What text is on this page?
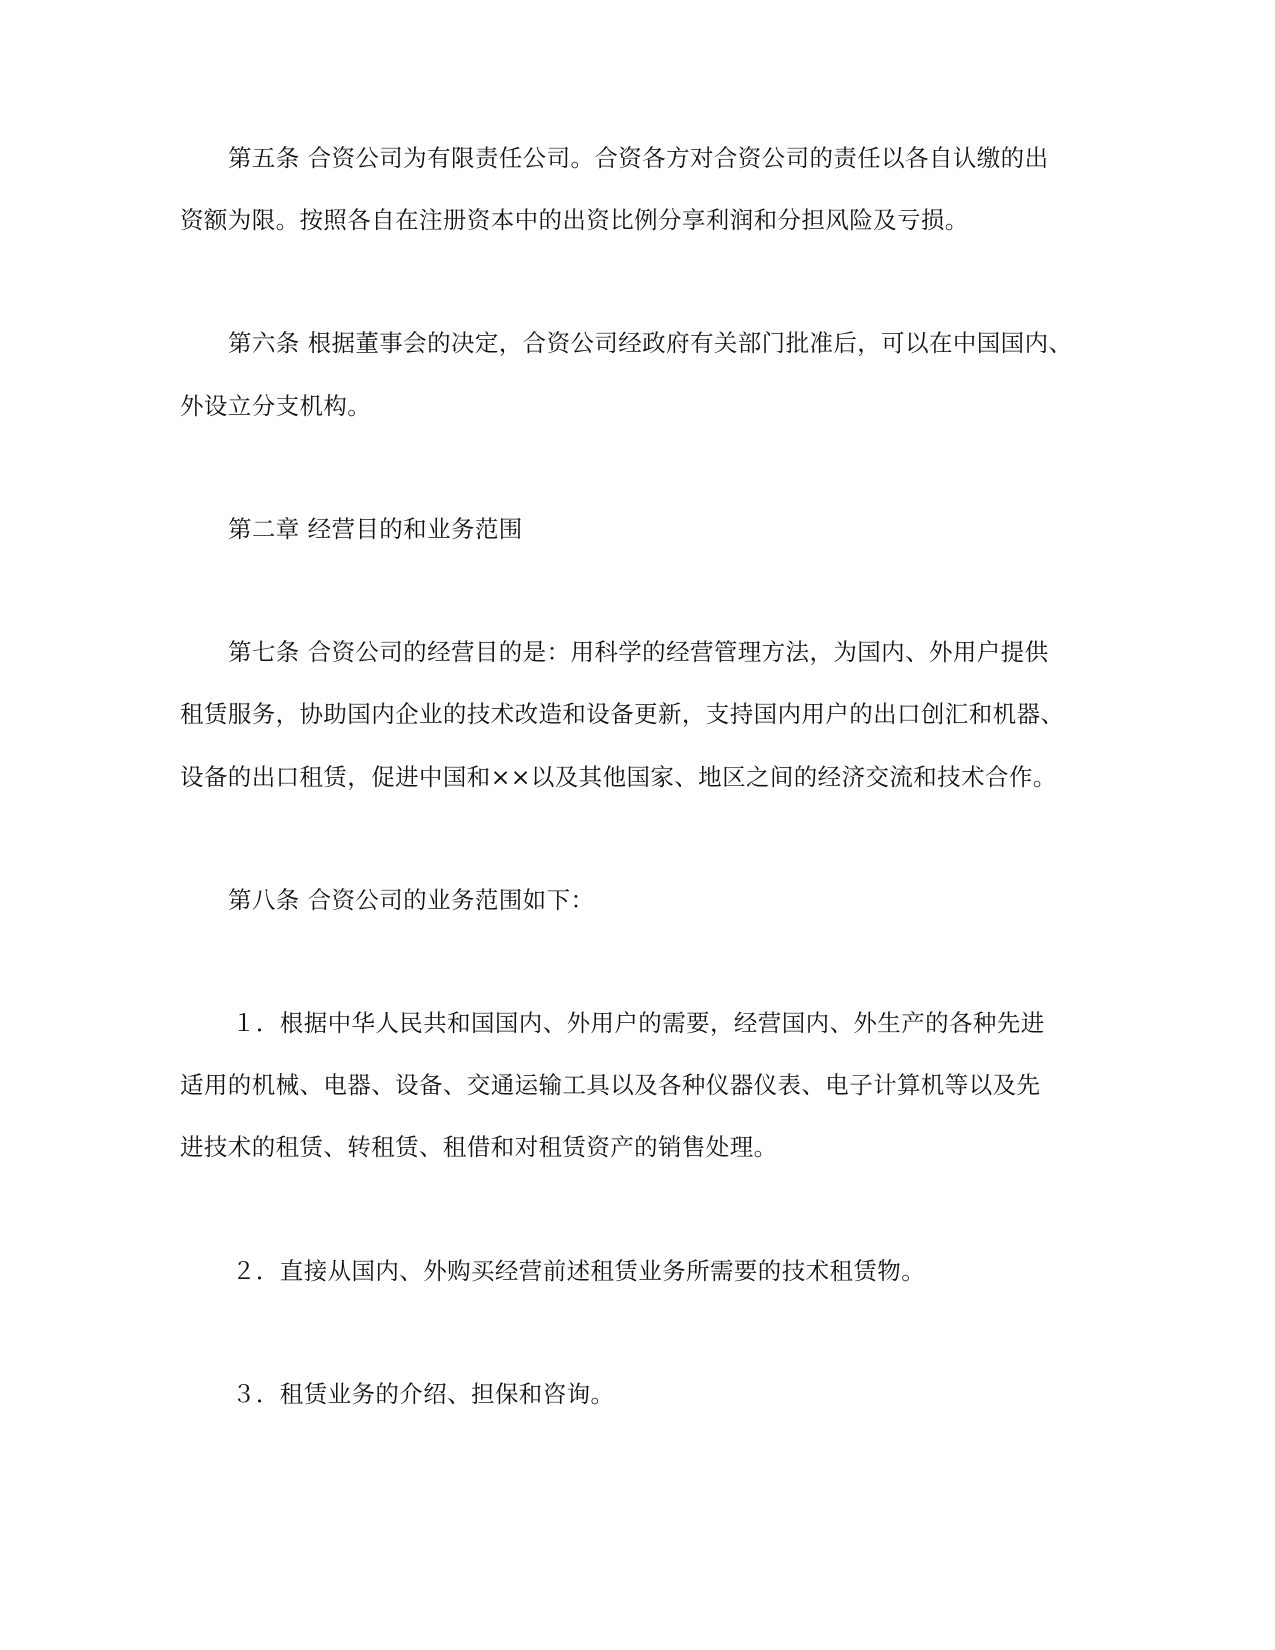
第五条 合资公司为有限责任公司。合资各方对合资公司的责任以各自认缴的出
资额为限。按照各自在注册资本中的出资比例分享利润和分担风险及亏损。
第六条 根据董事会的决定，合资公司经政府有关部门批准后，可以在中国国内、
外设立分支机构。
第二章 经营目的和业务范围
第七条 合资公司的经营目的是：用科学的经营管理方法，为国内、外用户提供
租赁服务，协助国内企业的技术改造和设备更新，支持国内用户的出口创汇和机器、
设备的出口租赁，促进中国和××以及其他国家、地区之间的经济交流和技术合作。
第八条 合资公司的业务范围如下：
１．根据中华人民共和国国内、外用户的需要，经营国内、外生产的各种先进
适用的机械、电器、设备、交通运输工具以及各种仪器仪表、电子计算机等以及先
进技术的租赁、转租赁、租借和对租赁资产的销售处理。
２．直接从国内、外购买经营前述租赁业务所需要的技术租赁物。
３．租赁业务的介绍、担保和咨询。
